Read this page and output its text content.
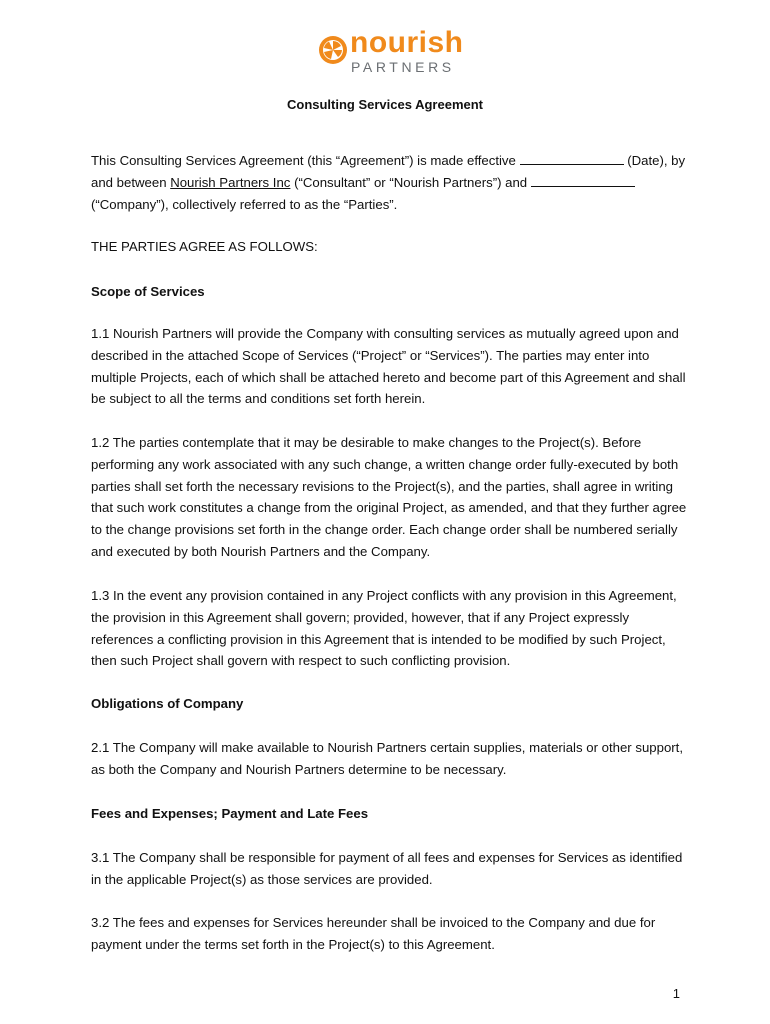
nourish
PARTNERS
Consulting Services Agreement

This Consulting Services Agreement (this “Agreement”) is made effective	(Date), by and between Nourish Partners Inc (“Consultant” or “Nourish Partners”) and  (“Company”), collectively referred to as the “Parties”.

THE PARTIES AGREE AS FOLLOWS:
Scope of Services
1.1 Nourish Partners will provide the Company with consulting services as mutually agreed upon and described in the attached Scope of Services (“Project” or “Services”). The parties may enter into multiple Projects, each of which shall be attached hereto and become part of this Agreement and shall be subject to all the terms and conditions set forth herein.
1.2 The parties contemplate that it may be desirable to make changes to the Project(s). Before performing any work associated with any such change, a written change order fully-executed by both parties shall set forth the necessary revisions to the Project(s), and the parties, shall agree in writing that such work constitutes a change from the original Project, as amended, and that they further agree to the change provisions set forth in the change order. Each change order shall be numbered serially and executed by both Nourish Partners and the Company.
1.3 In the event any provision contained in any Project conflicts with any provision in this Agreement, the provision in this Agreement shall govern; provided, however, that if any Project expressly references a conflicting provision in this Agreement that is intended to be modified by such Project, then such Project shall govern with respect to such conflicting provision.
Obligations of Company
2.1 The Company will make available to Nourish Partners certain supplies, materials or other support, as both the Company and Nourish Partners determine to be necessary.
Fees and Expenses; Payment and Late Fees
3.1 The Company shall be responsible for payment of all fees and expenses for Services as identified in the applicable Project(s) as those services are provided.
3.2 The fees and expenses for Services hereunder shall be invoiced to the Company and due for payment under the terms set forth in the Project(s) to this Agreement.
1
